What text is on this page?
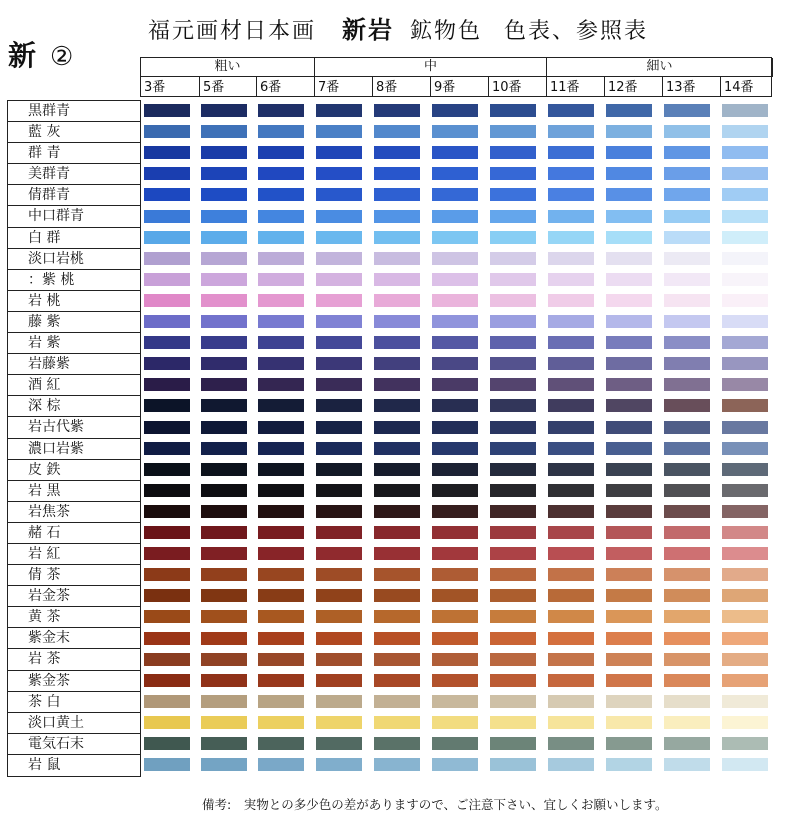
福元画材日本画 新岩 鉱物色 色表、参照表
新 ②	粗い	中	細い
3番	5番	6番	7番	8番	9番	10番	11番	12番	13番	14番
黒群青
藍 灰
群 青
美群青
倩群青
中口群青
白 群
淡口岩桃
：紫 桃
岩 桃
藤 紫
岩 紫
岩藤紫
酒 紅
深 棕
岩古代紫
濃口岩紫
皮 鉄
岩 黒
岩焦茶
赭 石
岩 紅
倩 茶
岩金茶
黄 茶
紫金末
岩 茶
紫金茶
茶 白
淡口黄土
電気石末
岩 鼠
備考:　実物との多少色の差がありますので、ご注意下さい、宜しくお願いします。
